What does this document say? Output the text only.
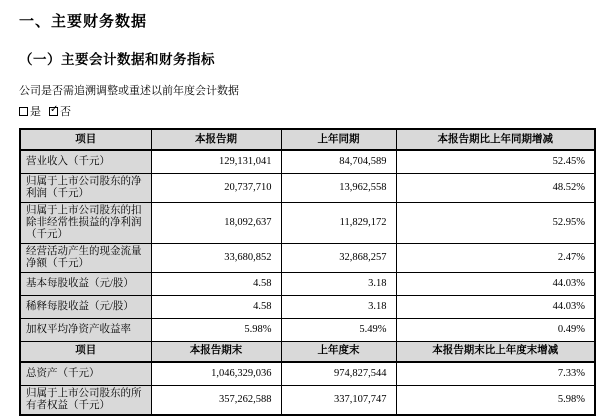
一、主要财务数据
（一）主要会计数据和财务指标
公司是否需追溯调整或重述以前年度会计数据
是 ✓ 否
项目	本报告期	上年同期	本报告期比上年同期增减
营业收入（千元）	129,131,041	84,704,589	52.45%
归属于上市公司股东的净利润（千元）	20,737,710	13,962,558	48.52%
归属于上市公司股东的扣除非经常性损益的净利润（千元）	18,092,637	11,829,172	52.95%
经营活动产生的现金流量净额（千元）	33,680,852	32,868,257	2.47%
基本每股收益（元/股）	4.58	3.18	44.03%
稀释每股收益（元/股）	4.58	3.18	44.03%
加权平均净资产收益率	5.98%	5.49%	0.49%
项目	本报告期末	上年度末	本报告期末比上年度末增减
总资产（千元）	1,046,329,036	974,827,544	7.33%
归属于上市公司股东的所有者权益（千元）	357,262,588	337,107,747	5.98%
